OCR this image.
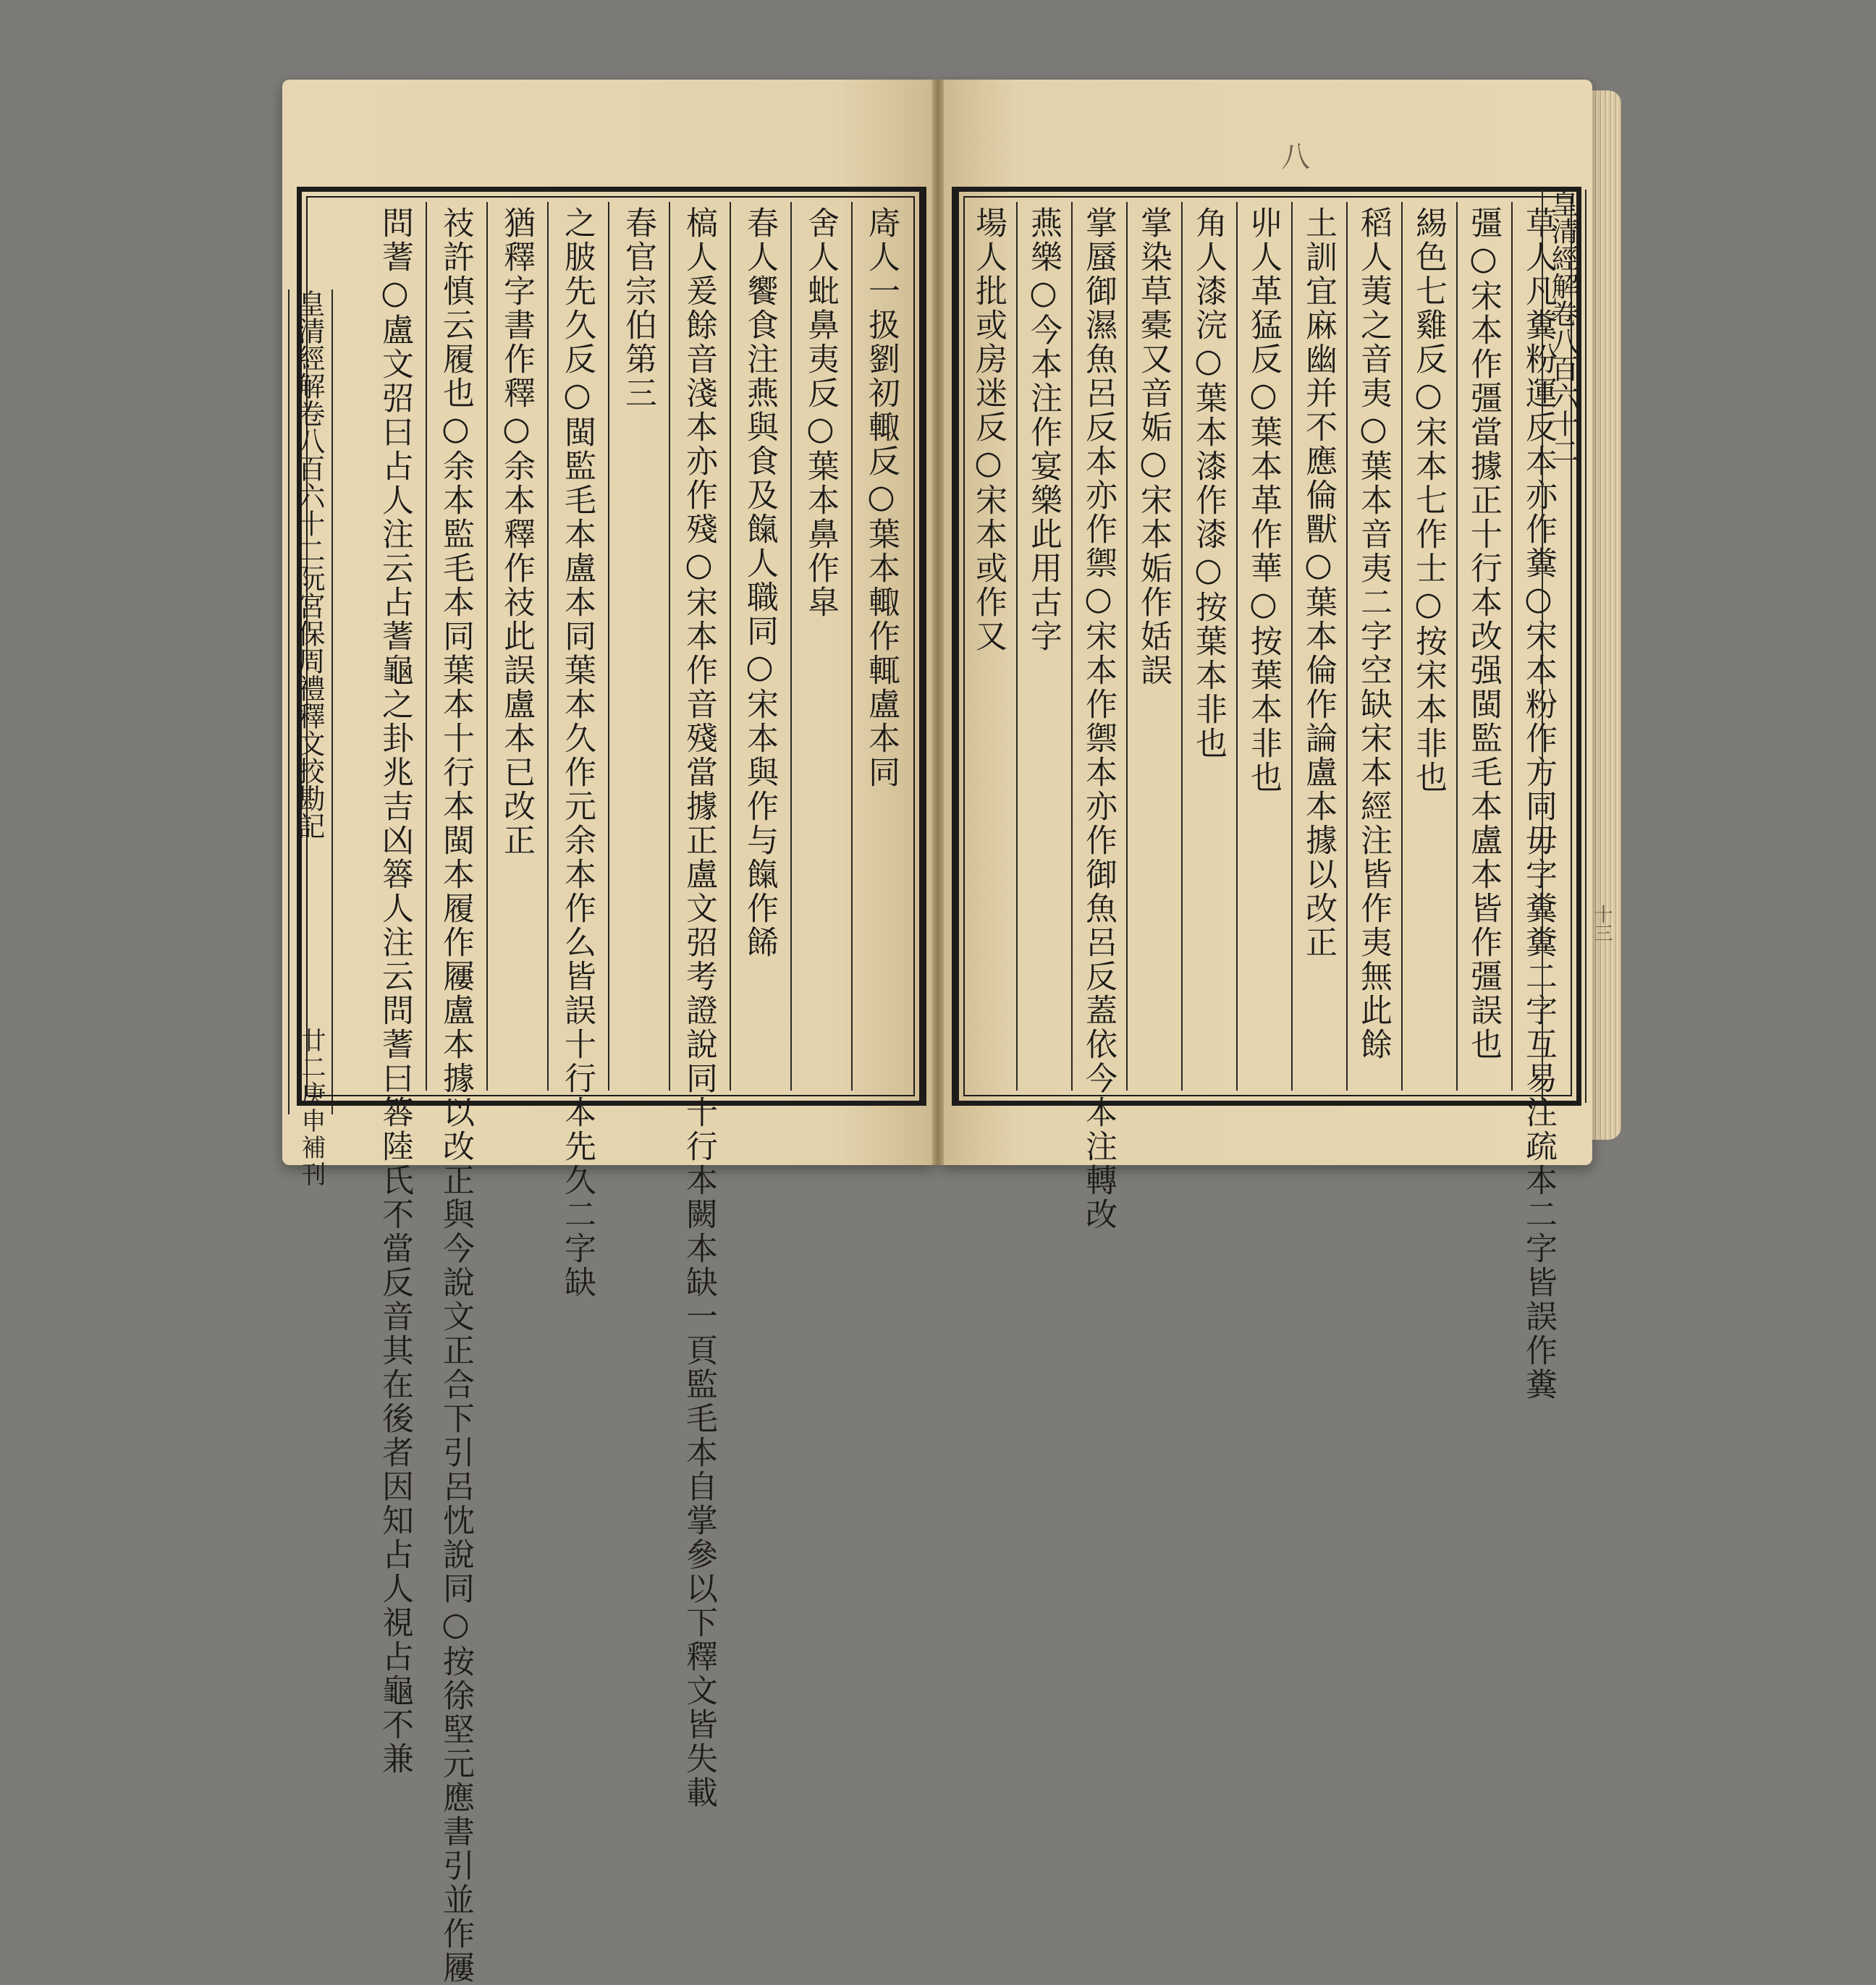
皇清經解卷八百六十二阮宮保周禮釋文挍勘記
廿二庚申補刊
㢊人一扱劉初輙反○葉本輙作輒盧本同
舍人蚍鼻夷反○葉本鼻作皐
春人饗食注燕與食及餼人職同○宋本與作与餼作餙
槁人爰餘音淺本亦作殘○宋本作音殘當據正盧文弨考證說同十行本闕本缺一頁監毛本自掌參以下釋文皆失載
春官宗伯第三
之䏢先久反○閩監毛本盧本同葉本久作元余本作么皆誤十行本先久二字缺
猶釋字書作釋○余本釋作䃽此誤盧本已改正
䃽許慎云履也○余本監毛本同葉本十行本閩本履作屨盧本據以改正與今說文正合下引呂忱說同○按徐堅元應書引並作屨
問蓍○盧文弨曰占人注云占蓍龜之卦兆吉凶簭人注云問蓍曰簭陸氏不當反音其在後者因知占人視占龜不兼	草人凡糞粉運反本亦作糞○宋本粉作方同毋字糞糞二字互易注疏本二字皆誤作糞
彊○宋本作彊當據正十行本改强閩監毛本盧本皆作彊誤也
緆色七雞反○宋本七作士○按宋本非也
稻人荑之音夷○葉本音夷二字空缺宋本經注皆作夷無此餘
土訓宜麻幽并不應倫獸○葉本倫作論盧本據以改正
丱人革猛反○葉本革作華○按葉本非也
角人漆浣○葉本漆作漆○按葉本非也
掌染草橐又音姤○宋本姤作姡誤
掌蜃御濕魚呂反本亦作禦○宋本作禦本亦作御魚呂反蓋依今本注轉改
燕樂○今本注作宴樂此用古字
場人批或房迷反○宋本或作又	皇清經解卷八百六十二
十三
八
